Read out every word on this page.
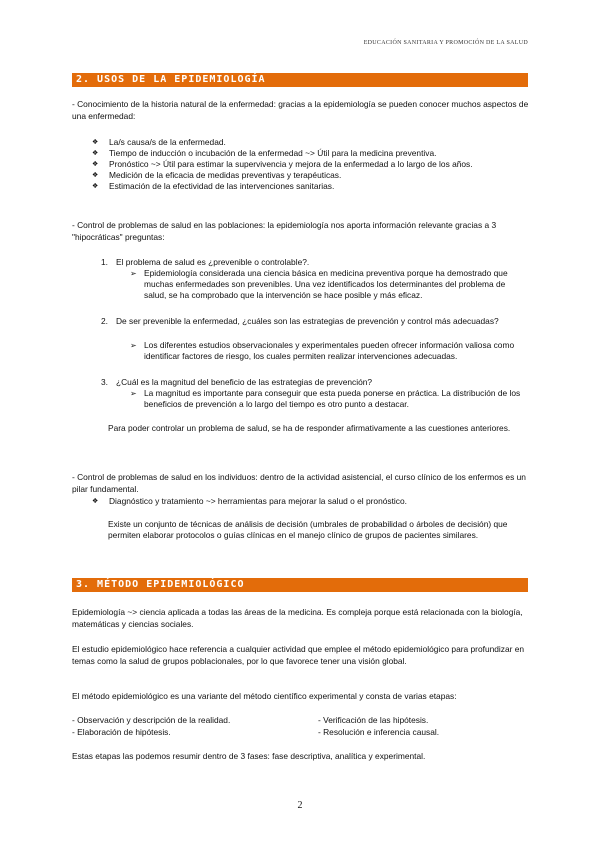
EDUCACIÓN SANITARIA Y PROMOCIÓN DE LA SALUD
2. USOS DE LA EPIDEMIOLOGÍA
- Conocimiento de la historia natural de la enfermedad: gracias a la epidemiología se pueden conocer muchos aspectos de una enfermedad:
❖ La/s causa/s de la enfermedad.
❖ Tiempo de inducción o incubación de la enfermedad ~> Útil para la medicina preventiva.
❖ Pronóstico ~> Útil para estimar la supervivencia y mejora de la enfermedad a lo largo de los años.
❖ Medición de la eficacia de medidas preventivas y terapéuticas.
❖ Estimación de la efectividad de las intervenciones sanitarias.
- Control de problemas de salud en las poblaciones: la epidemiología nos aporta información relevante gracias a 3 "hipocráticas" preguntas:
1. El problema de salud es ¿prevenible o controlable?.
➢ Epidemiología considerada una ciencia básica en medicina preventiva porque ha demostrado que muchas enfermedades son prevenibles. Una vez identificados los determinantes del problema de salud, se ha comprobado que la intervención se hace posible y más eficaz.
2. De ser prevenible la enfermedad, ¿cuáles son las estrategias de prevención y control más adecuadas?
➢ Los diferentes estudios observacionales y experimentales pueden ofrecer información valiosa como identificar factores de riesgo, los cuales permiten realizar intervenciones adecuadas.
3. ¿Cuál es la magnitud del beneficio de las estrategias de prevención?
➢ La magnitud es importante para conseguir que esta pueda ponerse en práctica. La distribución de los beneficios de prevención a lo largo del tiempo es otro punto a destacar.
Para poder controlar un problema de salud, se ha de responder afirmativamente a las cuestiones anteriores.
- Control de problemas de salud en los individuos: dentro de la actividad asistencial, el curso clínico de los enfermos es un pilar fundamental.
❖ Diagnóstico y tratamiento ~> herramientas para mejorar la salud o el pronóstico.
Existe un conjunto de técnicas de análisis de decisión (umbrales de probabilidad o árboles de decisión) que permiten elaborar protocolos o guías clínicas en el manejo clínico de grupos de pacientes similares.
3. MÉTODO EPIDEMIOLÓGICO
Epidemiología ~> ciencia aplicada a todas las áreas de la medicina. Es compleja porque está relacionada con la biología, matemáticas y ciencias sociales.
El estudio epidemiológico hace referencia a cualquier actividad que emplee el método epidemiológico para profundizar en temas como la salud de grupos poblacionales, por lo que favorece tener una visión global.
El método epidemiológico es una variante del método científico experimental y consta de varias etapas:
- Observación y descripción de la realidad.
- Elaboración de hipótesis.
- Verificación de las hipótesis.
- Resolución e inferencia causal.
Estas etapas las podemos resumir dentro de 3 fases: fase descriptiva, analítica y experimental.
2
